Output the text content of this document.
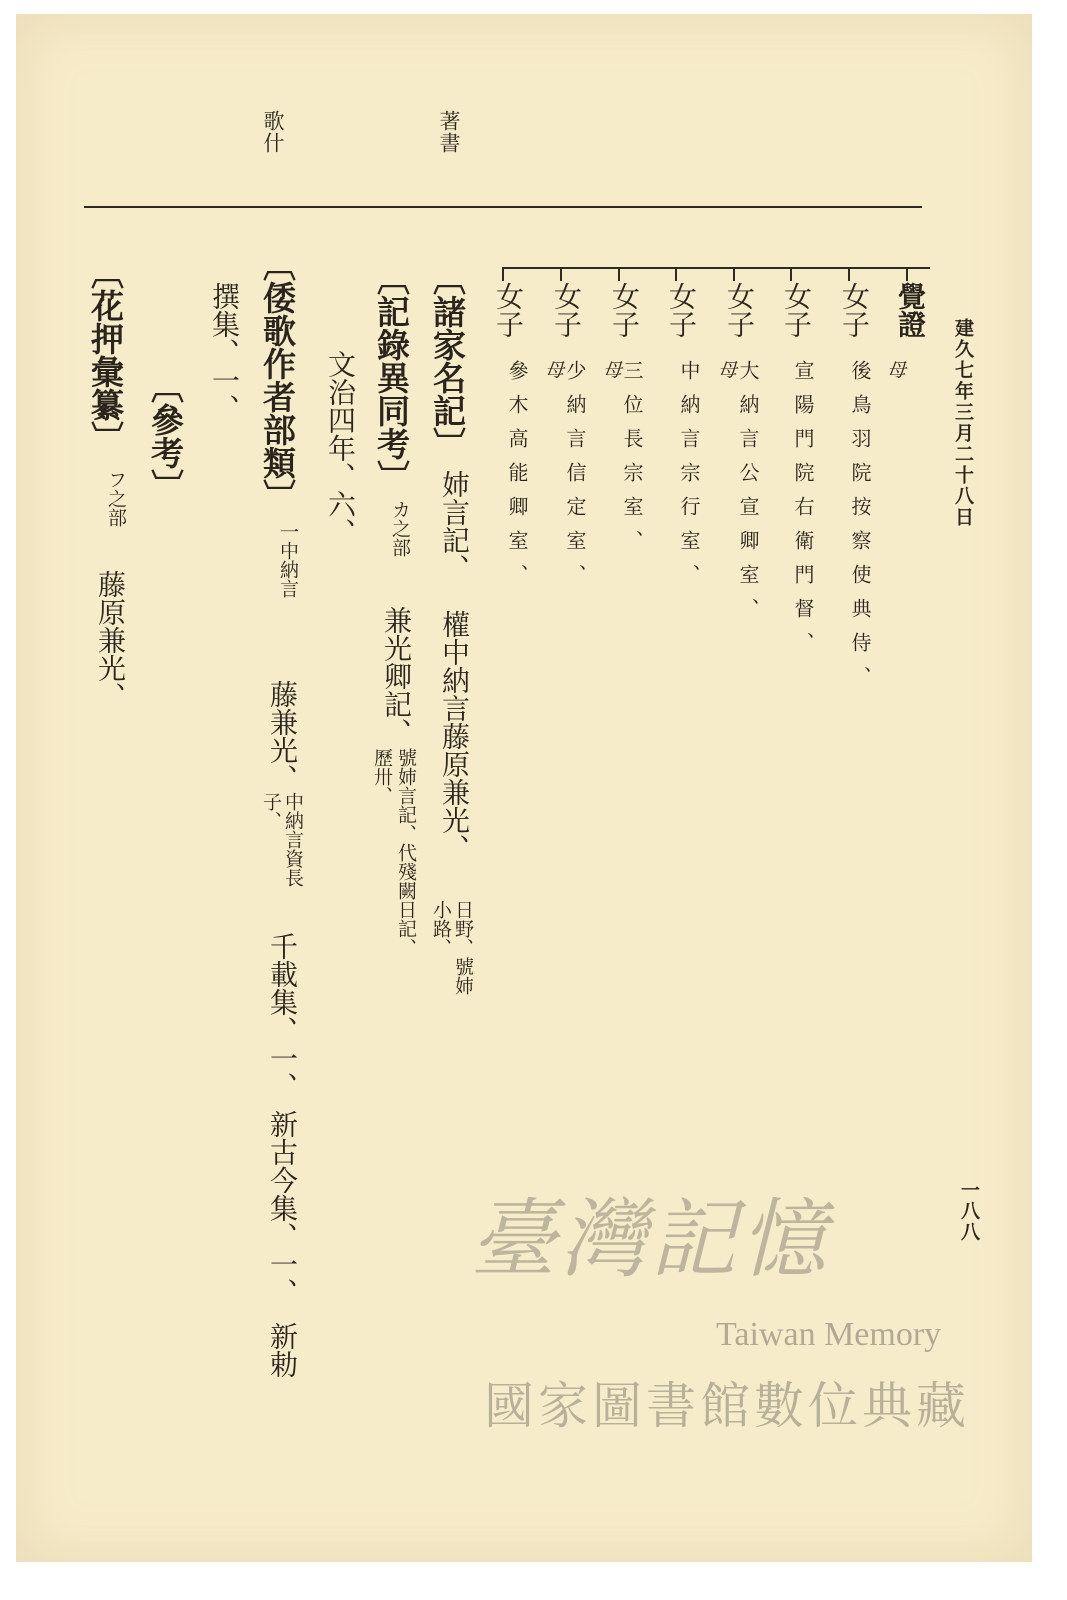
著書

歌什

建久七年三月二十八日

覺證

母

女子

後鳥羽院按察使典侍、

女子

宣陽門院右衛門督、

女子

母 大納言公宣卿室、

女子

中納言宗行室、

女子

母

三位長宗室、

女子

母 少納言信定室、

女子

參木高能卿室、

〔諸家名記〕

姉言記、

權中納言藤原兼光、

日野、號姉小路、

〔記錄異同考〕

カ之部

兼光卿記、

號姉言記、代殘闕日記、歷卅、

文治四年、六、

〔倭歌作者部類〕

一中納言

藤兼光、

中納言資長子、

千載集、一、

新古今集、一、

新勅

撰集、一、

〔參考〕

〔花押彙纂〕

フ之部

藤原兼光、

一八八

臺灣記憶
Taiwan Memory
國家圖書館數位典藏
